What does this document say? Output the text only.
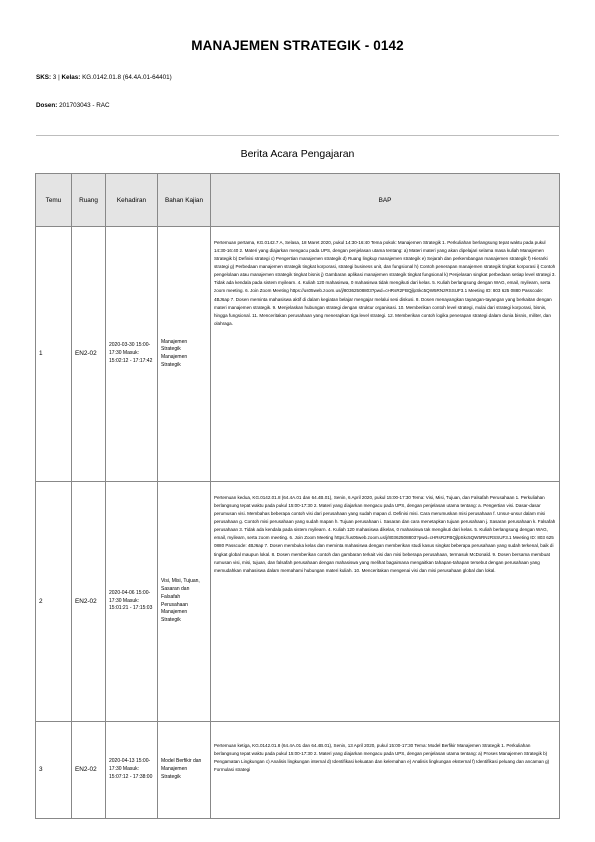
MANAJEMEN STRATEGIK - 0142
SKS: 3 | Kelas: KG.0142.01.8 (64.4A.01-64401)
Dosen: 201703043 - RAC
Berita Acara Pengajaran
Temu	Ruang	Kehadiran	Bahan Kajian	BAP
1	EN2-02	2020-03-30 15:00-17:30 Masuk: 15:02:12 - 17:17:42	Manajemen Strategik Manajemen Strategik	Pertemuan pertama, KG.0142.7 A, Selasa, 18 Maret 2020, pukul 14:30-16:40 Tema pokok: Manajemen Strategik 1. Perkuliahan berlangsung tepat waktu pada pukul 14:30-16:40 2. Materi yang diajarkan mengacu pada UPS, dengan penjelasan utama tentang: a) Materi materi yang akan dipelajari selama masa kuliah Manajemen Strategik b) Definisi strategi c) Pengertian manajemen strategik d) Ruang lingkup manajemen strategik e) Sejarah dan perkembangan manajemen strategik f) Hierarki strategi g) Perbedaan manajemen strategik tingkat korporasi, strategi business unit, dan fungsional h) Contoh penerapan manajemen strategik tingkat korporasi i) Contoh pengelolaan atau manajemen strategik tingkat bisnis j) Gambaran aplikasi manajemen strategik tingkat fungsional k) Penjelasan singkat perbedaan setiap level strategi 3. Tidak ada kendala pada sistem myilearn. 4. Kuliah 120 mahasiswa, 0 mahasiswa tidak mengikuti dari kelas. 5. Kuliah berlangsung dengan WAG, email, myilearn, serta zoom meeting. 6. Join Zoom Meeting https://us05web.zoom.us/j/80362508803?pwd=cHRsR2FBQjlpSkc5QW5RNzRSSUF3.1 Meeting ID: 803 625 0880 Passcode: 4BJ6ap 7. Dosen meminta mahasiswa aktif di dalam kegiatan belajar mengajar melalui sesi diskusi. 8. Dosen menayangkan tayangan-tayangan yang berkaitan dengan materi manajemen strategik. 9. Menjelaskan hubungan strategi dengan struktur organisasi. 10. Memberikan contoh level strategi, mulai dari strategi korporasi, bisnis, hingga fungsional. 11. Menceritakan perusahaan yang menerapkan tiga level strategi. 12. Memberikan contoh logika penerapan strategi dalam dunia bisnis, militer, dan olahraga.
2	EN2-02	2020-04-06 15:00-17:30 Masuk: 15:01:21 - 17:15:03	Visi, Misi, Tujuan, Sasaran dan Falsafah Perusahaan Manajemen Strategik	Pertemuan kedua, KG.0142.01.8 (64.4A.01 dan 64.4B.01), Senin, 6 April 2020, pukul 15:00-17:30 Tema: Visi, Misi, Tujuan, dan Falsafah Perusahaan 1. Perkuliahan berlangsung tepat waktu pada pukul 15:00-17:30 2. Materi yang diajarkan mengacu pada UPS, dengan penjelasan utama tentang: a. Pengertian visi. Dasar-dasar perumusan visi. Membahas beberapa contoh visi dari perusahaan yang sudah mapan d. Definisi misi. Cara merumuskan misi perusahaan f. Unsur-unsur dalam misi perusahaan g. Contoh misi perusahaan yang sudah mapan h. Tujuan perusahaan i. Sasaran dan cara menetapkan tujuan perusahaan j. Sasaran perusahaan k. Falsafah perusahaan 3. Tidak ada kendala pada sistem myilearn. 4. Kuliah 120 mahasiswa dikelas, 0 mahasiswa tak mengikuti dari kelas. 5. Kuliah berlangsung dengan WAG, email, myilearn, serta zoom meeting. 6. Join Zoom Meeting https://us05web.zoom.us/j/80362508803?pwd=cHRsR2FBQjlpSkc5QW5RNzRSSUF3.1 Meeting ID: 803 625 0880 Passcode: 4BJ6ap 7. Dosen membuka kelas dan meminta mahasiswa dengan memberikan studi kasus singkat beberapa perusahaan yang sudah terkenal, baik di tingkat global maupun lokal. 8. Dosen memberikan contoh dan gambaran terkait visi dan misi beberapa perusahaan, termasuk McDonald. 9. Dosen bersama membuat rumusan visi, misi, tujuan, dan falsafah perusahaan dengan mahasiswa yang melihat bagaimana mengaitkan tahapan-tahapan tersebut dengan perusahaan yang memudahkan mahasiswa dalam memahami hubungan materi kuliah. 10. Menceritakan mengenai visi dan misi perusahaan global dan lokal.
3	EN2-02	2020-04-13 15:00-17:30 Masuk: 15:07:12 - 17:38:00	Model Berfikir dan Manajemen Strategik	Pertemuan ketiga, KG.0142.01.8 (64.4A.01 dan 64.4B.01), Senin, 13 April 2020, pukul 15:00-17:30 Tema: Model Berfikir Manajemen Strategik 1. Perkuliahan berlangsung tepat waktu pada pukul 15:00-17:30 2. Materi yang diajarkan mengacu pada UPS, dengan penjelasan utama tentang: a) Proses Manajemen Strategik b) Pengamatan Lingkungan c) Analisis lingkungan internal d) Identifikasi kekuatan dan kelemahan e) Analisis lingkungan eksternal f) Identifikasi peluang dan ancaman g) Formulasi strategi
